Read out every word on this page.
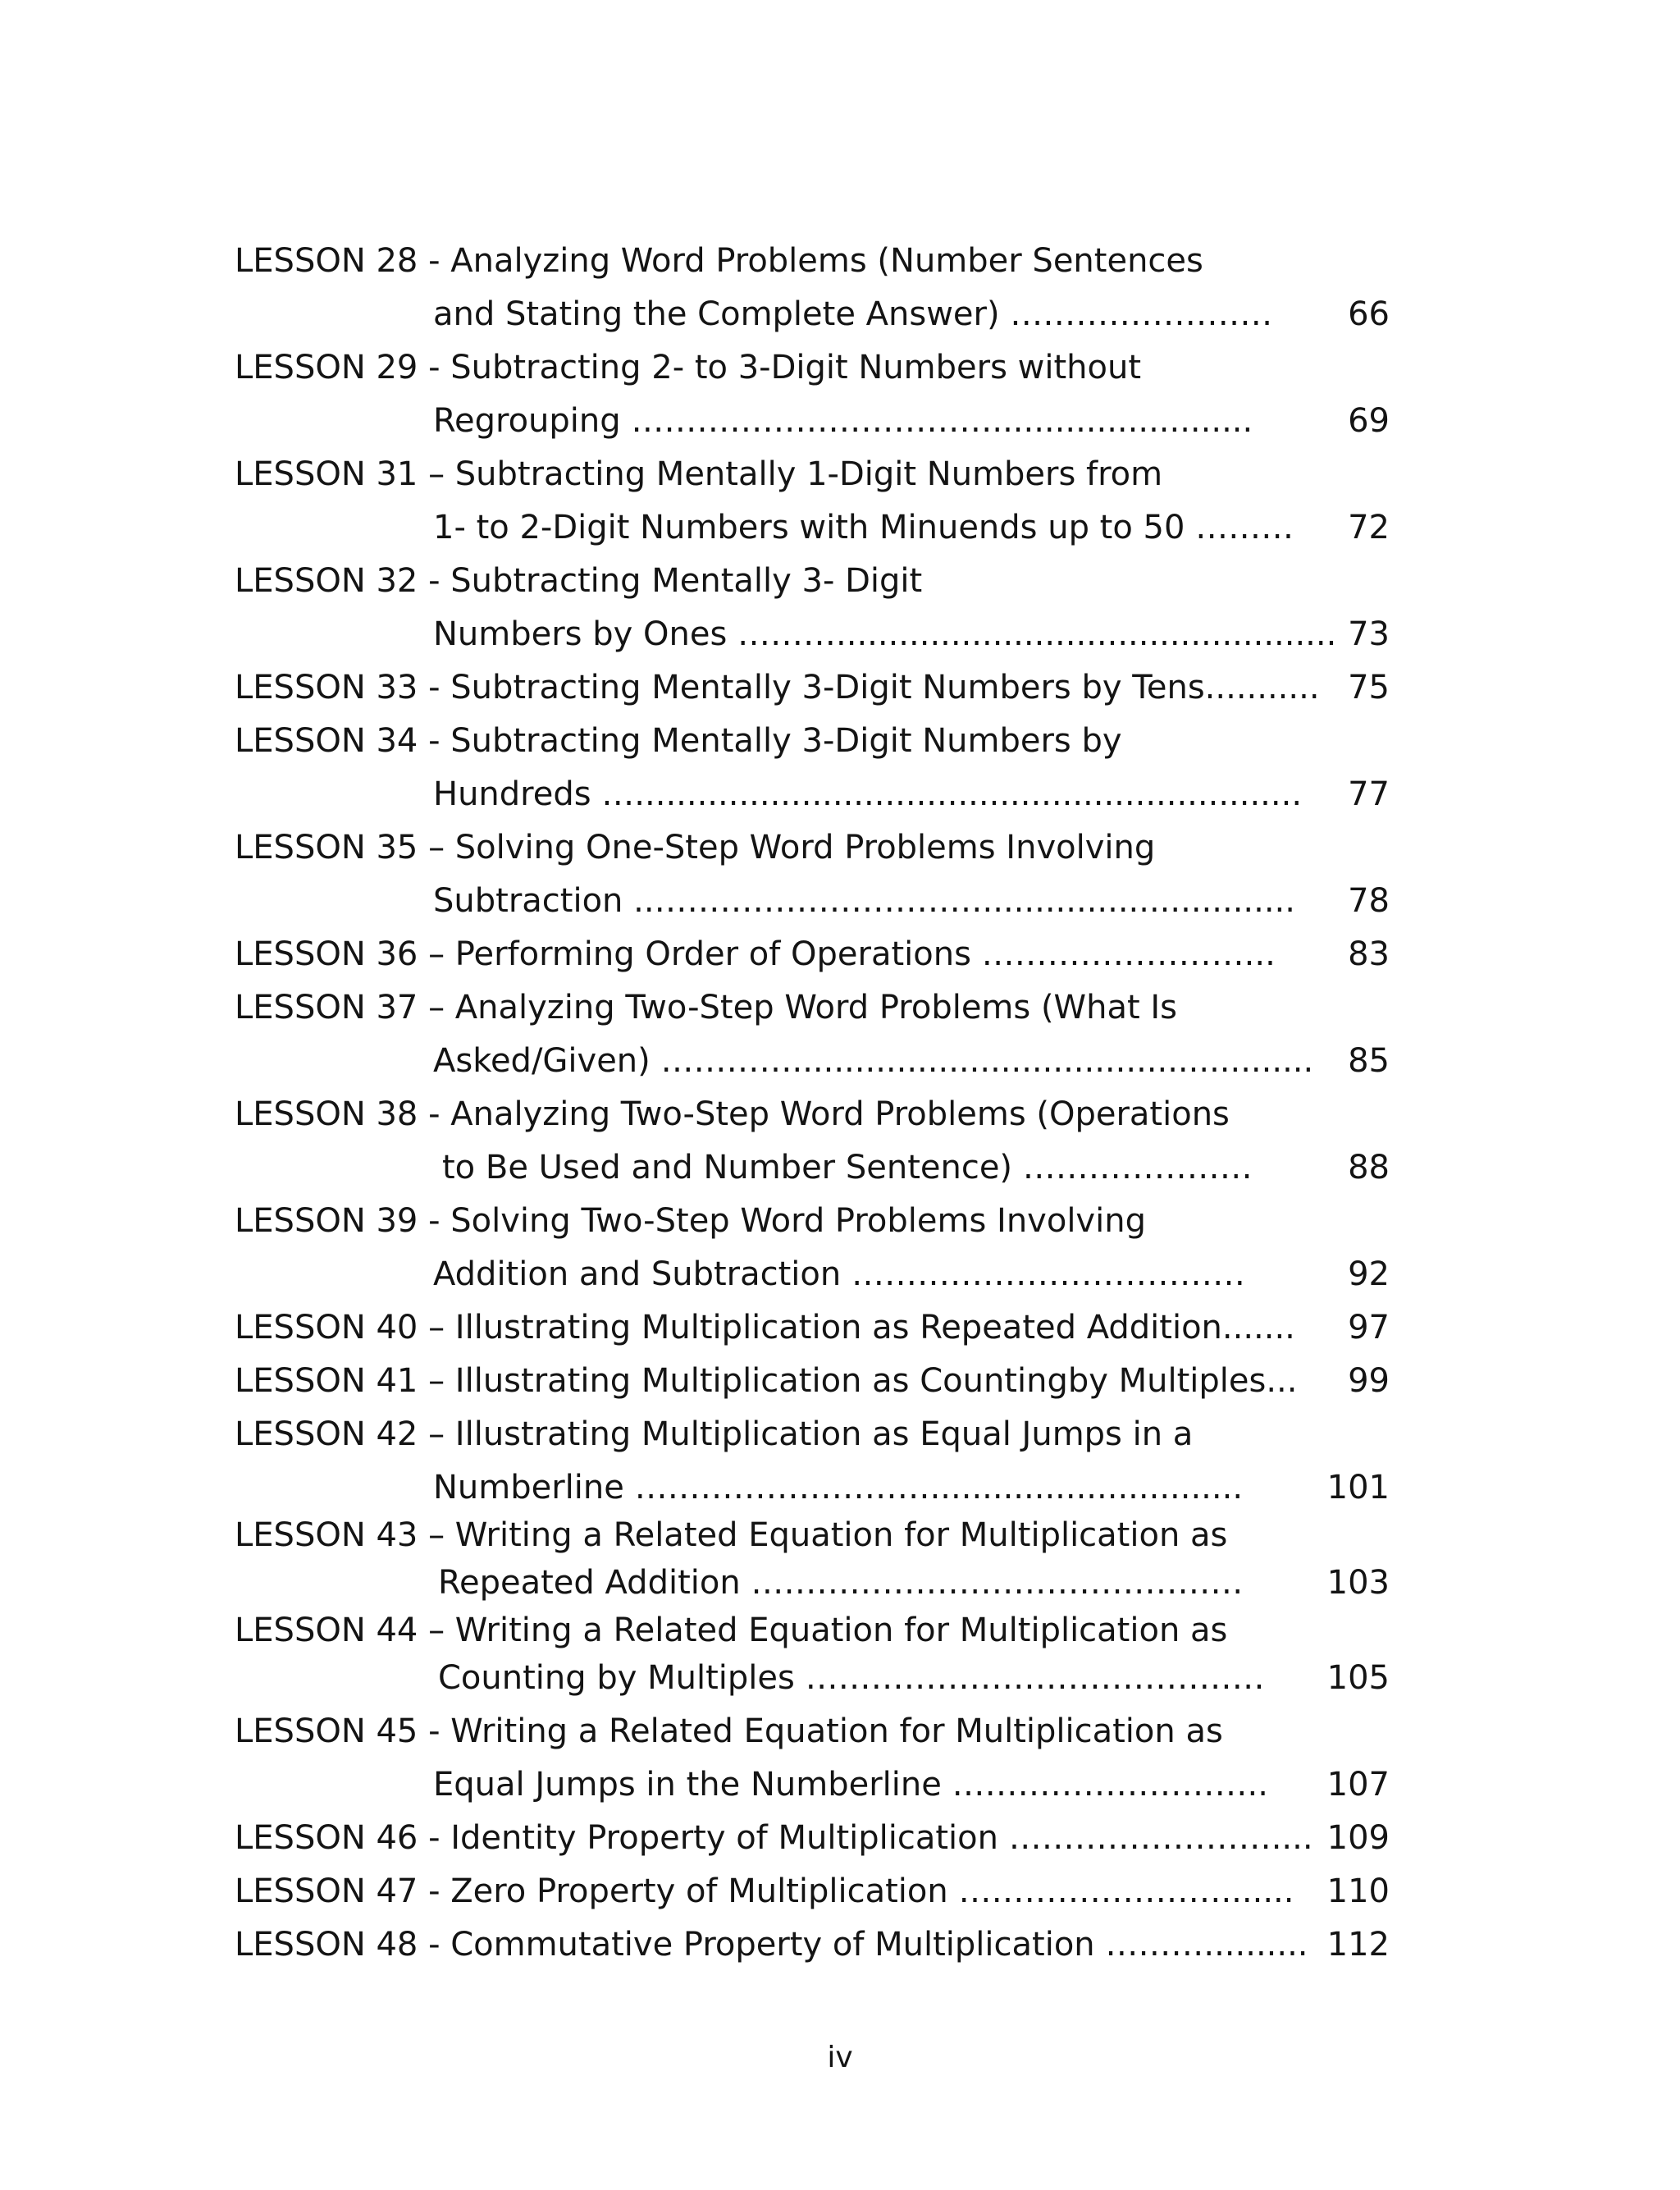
LESSON 28 - Analyzing Word Problems (Number Sentences
and Stating the Complete Answer) ……………………	66
LESSON 29 - Subtracting 2- to 3-Digit Numbers without
Regrouping …………………………….........................	69
LESSON 31 – Subtracting Mentally 1-Digit Numbers from
1- to 2-Digit Numbers with Minuends up to 50 ………	72
LESSON 32 - Subtracting Mentally 3- Digit
Numbers by Ones ………................................................ 73
LESSON 33 - Subtracting Mentally 3-Digit Numbers by Tens........... 75
LESSON 34 - Subtracting Mentally 3-Digit Numbers by
Hundreds …................................................................	77
LESSON 35 – Solving One-Step Word Problems Involving
Subtraction ..…………………………..............................	78
LESSON 36 – Performing Order of Operations ……………………...	83
LESSON 37 – Analyzing Two-Step Word Problems (What Is
Asked/Given) …………..................................................	85
LESSON 38 - Analyzing Two-Step Word Problems (Operations
to Be Used and Number Sentence) …………………	88
LESSON 39 - Solving Two-Step Word Problems Involving
Addition and Subtraction ………………………………	92
LESSON 40 – Illustrating Multiplication as Repeated Addition.......	97
LESSON 41 – Illustrating Multiplication as Countingby Multiples...	99
LESSON 42 – Illustrating Multiplication as Equal Jumps in a
Numberline ………………………..............................	101
LESSON 43 – Writing a Related Equation for Multiplication as
Repeated Addition ………………………………………	103
LESSON 44 – Writing a Related Equation for Multiplication as
Counting by Multiples …………………………………… 105
LESSON 45 - Writing a Related Equation for Multiplication as
Equal Jumps in the Numberline ……………………….. 107
LESSON 46 - Identity Property of Multiplication …………………….... 109
LESSON 47 - Zero Property of Multiplication ……………………....... 110
LESSON 48 - Commutative Property of Multiplication ……….......... 112
iv
